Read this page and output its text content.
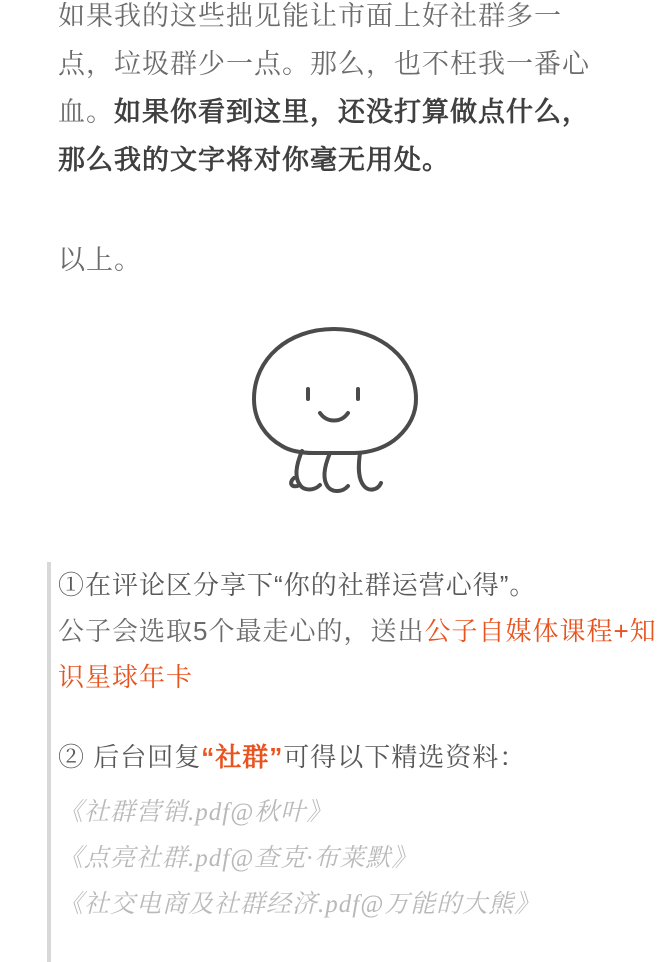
如果我的这些拙见能让市面上好社群多一点，垃圾群少一点。那么，也不枉我一番心血。如果你看到这里，还没打算做点什么，那么我的文字将对你毫无用处。

以上。

①在评论区分享下“你的社群运营心得”。

公子会选取5个最走心的，送出公子自媒体课程+知识星球年卡

② 后台回复“社群”可得以下精选资料：

《社群营销.pdf@秋叶》

《点亮社群.pdf@查克·布莱默》

《社交电商及社群经济.pdf@万能的大熊》
